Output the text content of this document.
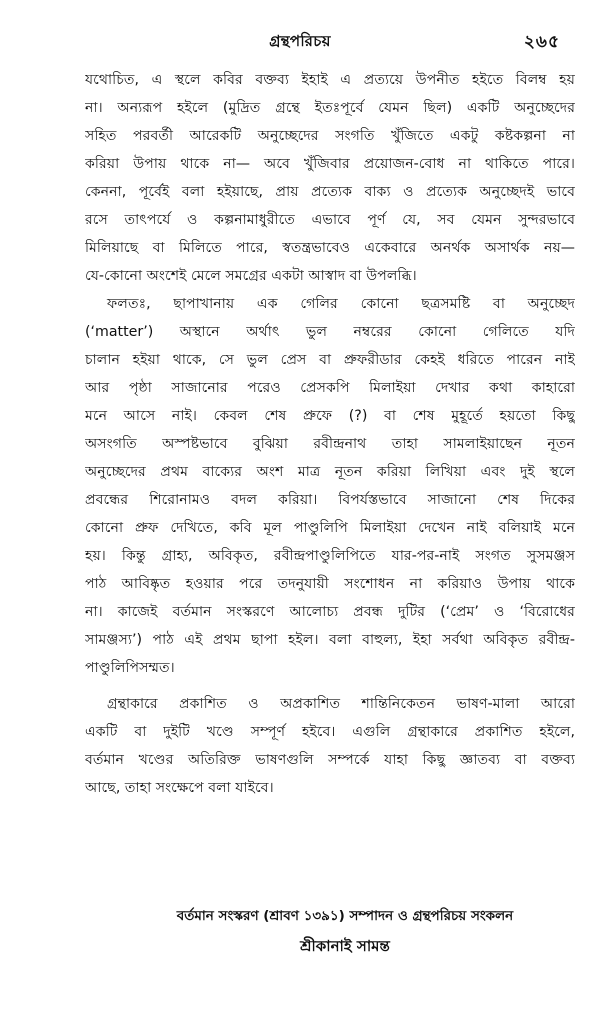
গ্রন্থপরিচয়	২৬৫
যথোচিত, এ স্থলে কবির বক্তব্য ইহাই এ প্রত্যয়ে উপনীত হইতে বিলম্ব হয়
না। অন্যরূপ হইলে (মুদ্রিত গ্রন্থে ইতঃপূর্বে যেমন ছিল) একটি অনুচ্ছেদের
সহিত পরবর্তী আরেকটি অনুচ্ছেদের সংগতি খুঁজিতে একটু কষ্টকল্পনা না
করিয়া উপায় থাকে না— অবে খুঁজিবার প্রয়োজন-বোধ না থাকিতে পারে।
কেননা, পূর্বেই বলা হইয়াছে, প্রায় প্রত্যেক বাক্য ও প্রত্যেক অনুচ্ছেদই ভাবে
রসে তাৎপর্যে ও কল্পনামাধুরীতে এভাবে পূর্ণ যে, সব যেমন সুন্দরভাবে
মিলিয়াছে বা মিলিতে পারে, স্বতন্ত্রভাবেও একেবারে অনর্থক অসার্থক নয়—
যে-কোনো অংশেই মেলে সমগ্রের একটা আস্বাদ বা উপলব্ধি।
ফলতঃ, ছাপাখানায় এক গেলির কোনো ছত্রসমষ্টি বা অনুচ্ছেদ
(‘matter’) অস্থানে অর্থাৎ ভুল নম্বরের কোনো গেলিতে যদি
চালান হইয়া থাকে, সে ভুল প্রেস বা প্রুফরীডার কেহই ধরিতে পারেন নাই
আর পৃষ্ঠা সাজানোর পরেও প্রেসকপি মিলাইয়া দেখার কথা কাহারো
মনে আসে নাই। কেবল শেষ প্রুফে (?) বা শেষ মুহূর্তে হয়তো কিছু
অসংগতি অস্পষ্টভাবে বুঝিয়া রবীন্দ্রনাথ তাহা সামলাইয়াছেন নূতন
অনুচ্ছেদের প্রথম বাক্যের অংশ মাত্র নূতন করিয়া লিখিয়া এবং দুই স্থলে
প্রবন্ধের শিরোনামও বদল করিয়া। বিপর্যস্তভাবে সাজানো শেষ দিকের
কোনো প্রুফ দেখিতে, কবি মূল পাণ্ডুলিপি মিলাইয়া দেখেন নাই বলিয়াই মনে
হয়। কিন্তু গ্রাহ্য, অবিকৃত, রবীন্দ্রপাণ্ডুলিপিতে যার-পর-নাই সংগত সুসমঞ্জস
পাঠ আবিষ্কৃত হওয়ার পরে তদনুযায়ী সংশোধন না করিয়াও উপায় থাকে
না। কাজেই বর্তমান সংস্করণে আলোচ্য প্রবন্ধ দুটির (‘প্রেম’ ও ‘বিরোধের
সামঞ্জস্য’) পাঠ এই প্রথম ছাপা হইল। বলা বাহুল্য, ইহা সর্বথা অবিকৃত রবীন্দ্র-
পাণ্ডুলিপিসম্মত।
গ্রন্থাকারে প্রকাশিত ও অপ্রকাশিত শান্তিনিকেতন ভাষণ-মালা আরো
একটি বা দুইটি খণ্ডে সম্পূর্ণ হইবে। এগুলি গ্রন্থাকারে প্রকাশিত হইলে,
বর্তমান খণ্ডের অতিরিক্ত ভাষণগুলি সম্পর্কে যাহা কিছু জ্ঞাতব্য বা বক্তব্য
আছে, তাহা সংক্ষেপে বলা যাইবে।
বর্তমান সংস্করণ (শ্রাবণ ১৩৯১) সম্পাদন ও গ্রন্থপরিচয় সংকলন
শ্রীকানাই সামন্ত
